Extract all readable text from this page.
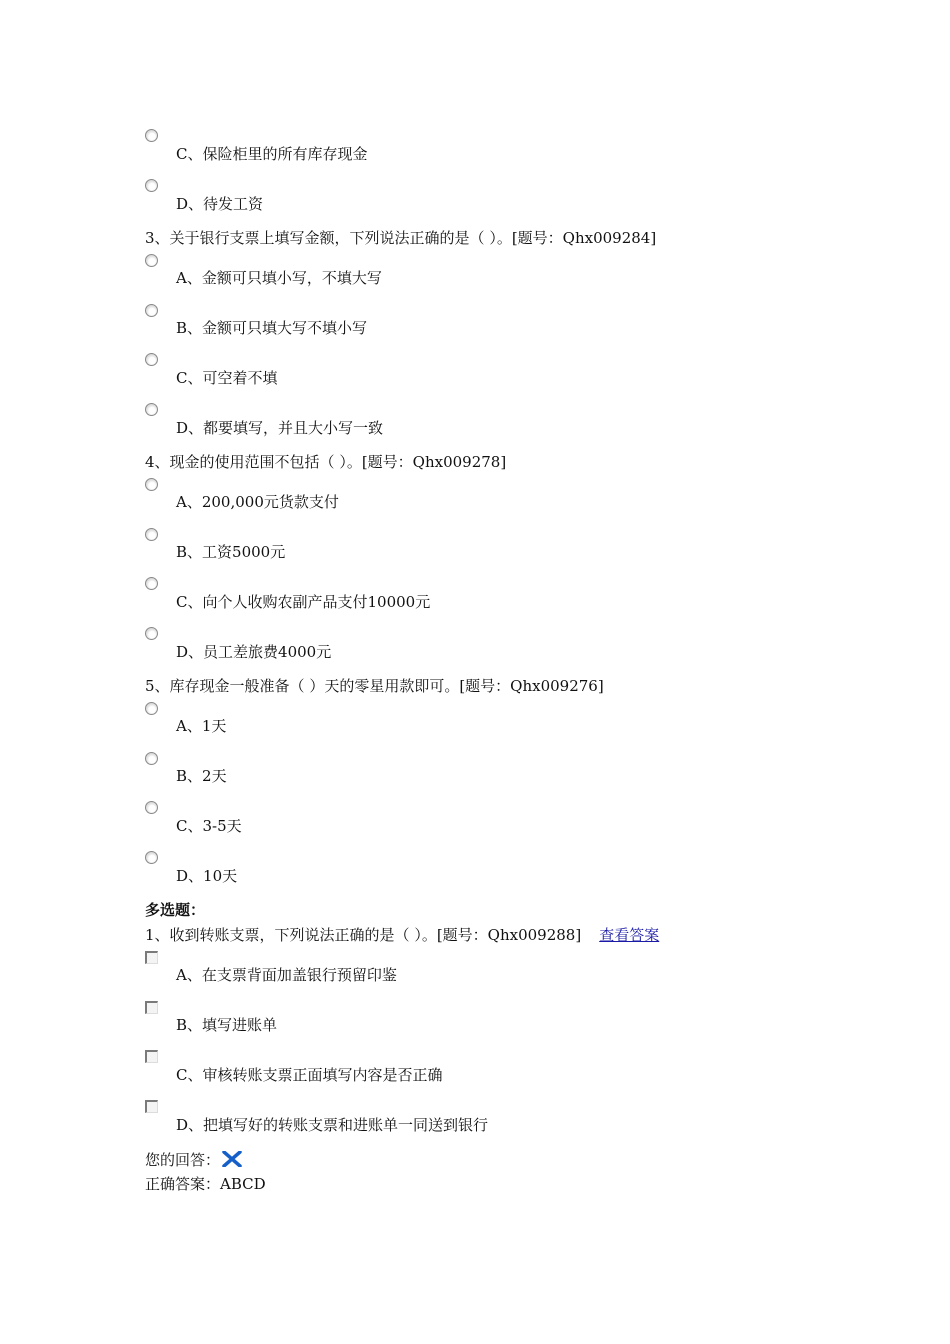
C、保险柜里的所有库存现金
D、待发工资
3、关于银行支票上填写金额，下列说法正确的是（ ）。[题号：Qhx009284]
A、金额可只填小写，不填大写
B、金额可只填大写不填小写
C、可空着不填
D、都要填写，并且大小写一致
4、现金的使用范围不包括（ ）。[题号：Qhx009278]
A、200,000元货款支付
B、工资5000元
C、向个人收购农副产品支付10000元
D、员工差旅费4000元
5、库存现金一般准备（ ）天的零星用款即可。[题号：Qhx009276]
A、1天
B、2天
C、3-5天
D、10天
多选题：
1、收到转账支票，下列说法正确的是（ ）。[题号：Qhx009288] 查看答案
A、在支票背面加盖银行预留印鉴
B、填写进账单
C、审核转账支票正面填写内容是否正确
D、把填写好的转账支票和进账单一同送到银行
您的回答：
正确答案：ABCD
